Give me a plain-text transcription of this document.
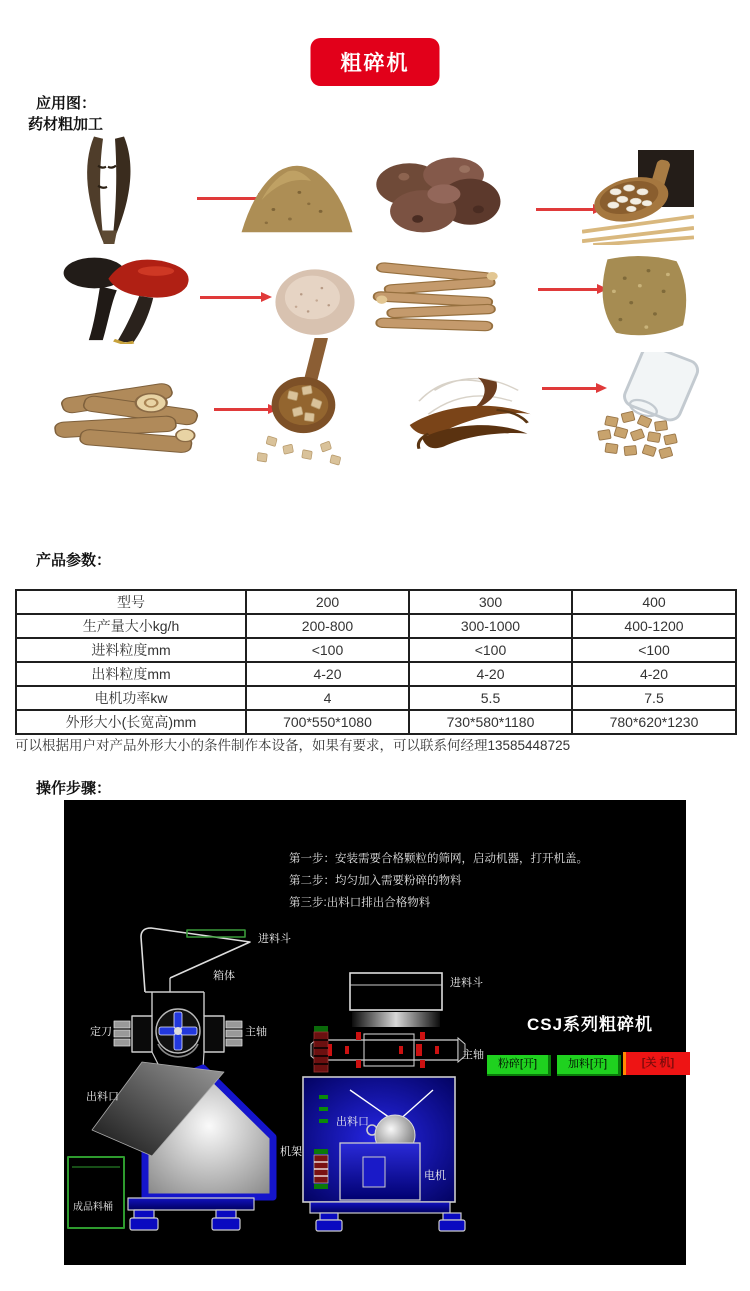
粗碎机
应用图：
药材粗加工
产品参数：
型号	200	300	400
生产量大小kg/h	200-800	300-1000	400-1200
进料粒度mm	<100	<100	<100
出料粒度mm	4-20	4-20	4-20
电机功率kw	4	5.5	7.5
外形大小(长宽高)mm	700*550*1080	730*580*1180	780*620*1230
可以根据用户对产品外形大小的条件制作本设备，如果有要求，可以联系何经理13585448725
操作步骤：
进料斗
箱体
定刀	主轴
出料口
机架
成品料桶
进料斗
主轴
出料口
电机
第一步：安装需要合格颗粒的筛网，启动机器，打开机盖。
第二步：均匀加入需要粉碎的物料
第三步:出料口排出合格物料
CSJ系列粗碎机
粉碎[开]	加料[开]	[关 机]
